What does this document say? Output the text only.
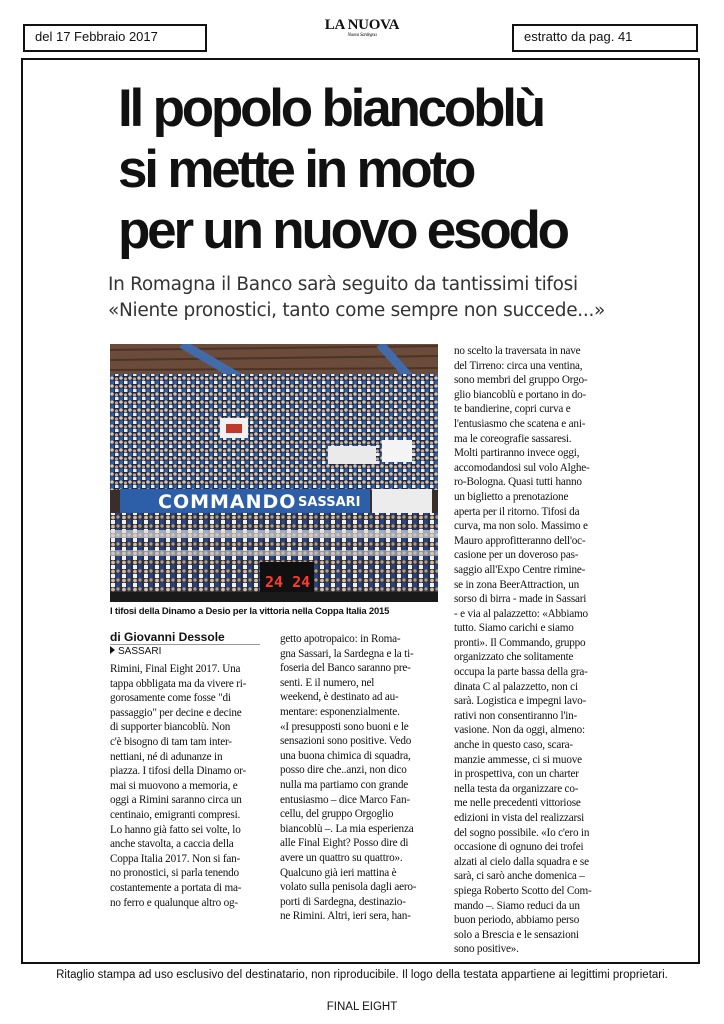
del 17 Febbraio 2017
LA NUOVA
Nuova Sardegna	estratto da pag. 41
Il popolo biancoblù
si mette in moto
per un nuovo esodo
In Romagna il Banco sarà seguito da tantissimi tifosi
«Niente pronostici, tanto come sempre non succede...»
COMMANDO SASSARI
24 24
I tifosi della Dinamo a Desio per la vittoria nella Coppa Italia 2015
di Giovanni Dessole
SASSARI
Rimini, Final Eight 2017. Una
tappa obbligata ma da vivere ri-
gorosamente come fosse "di
passaggio" per decine e decine
di supporter biancoblù. Non
c'è bisogno di tam tam inter-
nettiani, né di adunanze in
piazza. I tifosi della Dinamo or-
mai si muovono a memoria, e
oggi a Rimini saranno circa un
centinaio, emigranti compresi.
Lo hanno già fatto sei volte, lo
anche stavolta, a caccia della
Coppa Italia 2017. Non si fan-
no pronostici, si parla tenendo
costantemente a portata di ma-
no ferro e qualunque altro og-
getto apotropaico: in Roma-
gna Sassari, la Sardegna e la ti-
foseria del Banco saranno pre-
senti. E il numero, nel
weekend, è destinato ad au-
mentare: esponenzialmente.
«I presupposti sono buoni e le
sensazioni sono positive. Vedo
una buona chimica di squadra,
posso dire che..anzi, non dico
nulla ma partiamo con grande
entusiasmo – dice Marco Fan-
cellu, del gruppo Orgoglio
biancoblù –. La mia esperienza
alle Final Eight? Posso dire di
avere un quattro su quattro».
Qualcuno già ieri mattina è
volato sulla penisola dagli aero-
porti di Sardegna, destinazio-
ne Rimini. Altri, ieri sera, han-
no scelto la traversata in nave
del Tirreno: circa una ventina,
sono membri del gruppo Orgo-
glio biancoblù e portano in do-
te bandierine, copri curva e
l'entusiasmo che scatena e ani-
ma le coreografie sassaresi.
Molti partiranno invece oggi,
accomodandosi sul volo Alghe-
ro-Bologna. Quasi tutti hanno
un biglietto a prenotazione
aperta per il ritorno. Tifosi da
curva, ma non solo. Massimo e
Mauro approfitteranno dell'oc-
casione per un doveroso pas-
saggio all'Expo Centre rimine-
se in zona BeerAttraction, un
sorso di birra - made in Sassari
- e via al palazzetto: «Abbiamo
tutto. Siamo carichi e siamo
pronti». Il Commando, gruppo
organizzato che solitamente
occupa la parte bassa della gra-
dinata C al palazzetto, non ci
sarà. Logistica e impegni lavo-
rativi non consentiranno l'in-
vasione. Non da oggi, almeno:
anche in questo caso, scara-
manzie ammesse, ci si muove
in prospettiva, con un charter
nella testa da organizzare co-
me nelle precedenti vittoriose
edizioni in vista del realizzarsi
del sogno possibile. «Io c'ero in
occasione di ognuno dei trofei
alzati al cielo dalla squadra e se
sarà, ci sarò anche domenica –
spiega Roberto Scotto del Com-
mando –. Siamo reduci da un
buon periodo, abbiamo perso
solo a Brescia e le sensazioni
sono positive».
Ritaglio stampa ad uso esclusivo del destinatario, non riproducibile. Il logo della testata appartiene ai legittimi proprietari.
FINAL EIGHT
